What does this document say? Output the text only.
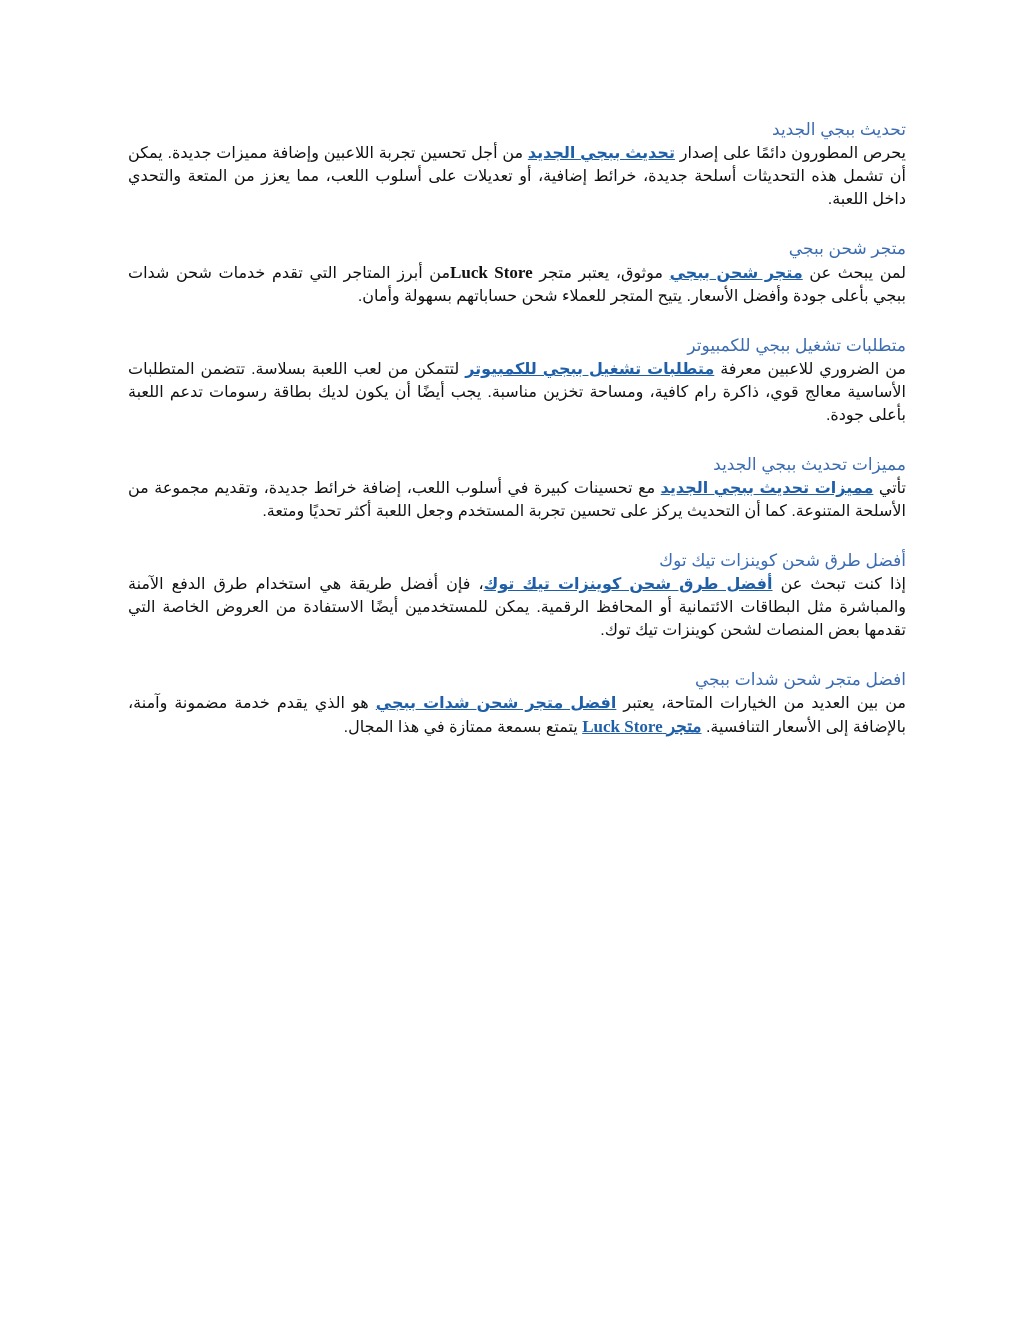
تحديث ببجي الجديد

يحرص المطورون دائمًا على إصدار تحديث ببجي الجديد من أجل تحسين تجربة اللاعبين وإضافة مميزات جديدة. يمكن أن تشمل هذه التحديثات أسلحة جديدة، خرائط إضافية، أو تعديلات على أسلوب اللعب، مما يعزز من المتعة والتحدي داخل اللعبة.

متجر شحن ببجي

لمن يبحث عن متجر شحن ببجي موثوق، يعتبر متجر Luck Storeمن أبرز المتاجر التي تقدم خدمات شحن شدات ببجي بأعلى جودة وأفضل الأسعار. يتيح المتجر للعملاء شحن حساباتهم بسهولة وأمان.

متطلبات تشغيل ببجي للكمبيوتر

من الضروري للاعبين معرفة متطلبات تشغيل ببجي للكمبيوتر لتتمكن من لعب اللعبة بسلاسة. تتضمن المتطلبات الأساسية معالج قوي، ذاكرة رام كافية، ومساحة تخزين مناسبة. يجب أيضًا أن يكون لديك بطاقة رسومات تدعم اللعبة بأعلى جودة.

مميزات تحديث ببجي الجديد

تأتي مميزات تحديث ببجي الجديد مع تحسينات كبيرة في أسلوب اللعب، إضافة خرائط جديدة، وتقديم مجموعة من الأسلحة المتنوعة. كما أن التحديث يركز على تحسين تجربة المستخدم وجعل اللعبة أكثر تحديًا ومتعة.

أفضل طرق شحن كوينزات تيك توك

إذا كنت تبحث عن أفضل طرق شحن كوينزات تيك توك، فإن أفضل طريقة هي استخدام طرق الدفع الآمنة والمباشرة مثل البطاقات الائتمانية أو المحافظ الرقمية. يمكن للمستخدمين أيضًا الاستفادة من العروض الخاصة التي تقدمها بعض المنصات لشحن كوينزات تيك توك.

افضل متجر شحن شدات ببجي

من بين العديد من الخيارات المتاحة، يعتبر افضل متجر شحن شدات ببجي هو الذي يقدم خدمة مضمونة وآمنة، بالإضافة إلى الأسعار التنافسية. متجر Luck Store يتمتع بسمعة ممتازة في هذا المجال.
